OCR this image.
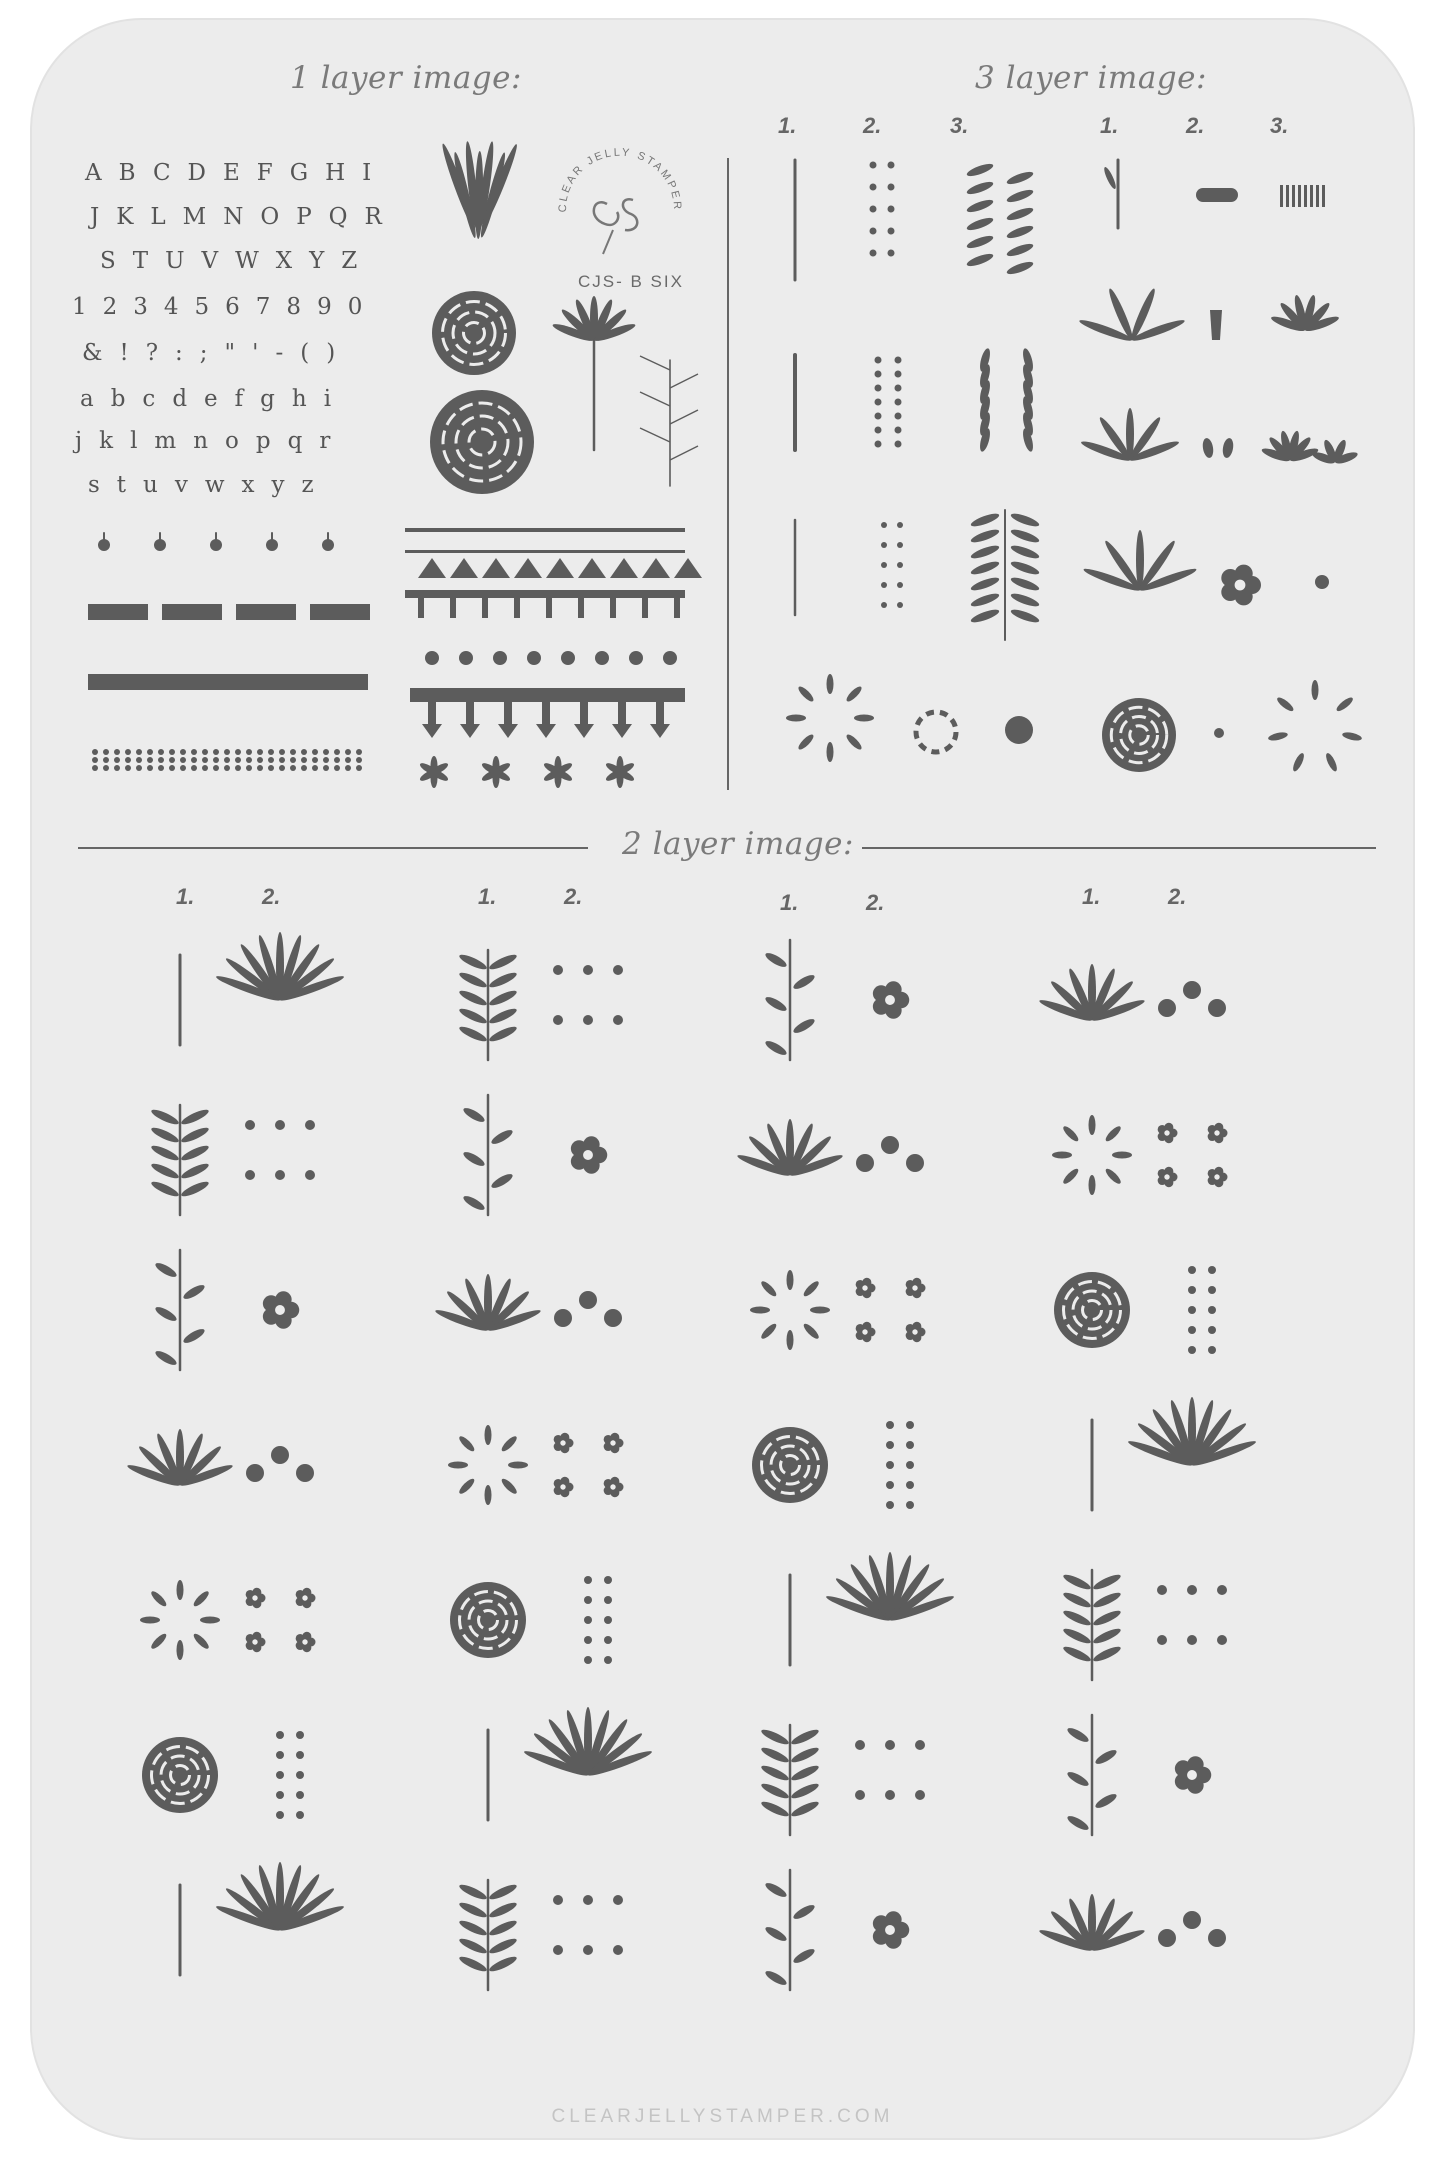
1 layer image:	3 layer image:
2 layer image:
1.	2.	3.	1.	2.	3.
1.	2.	1.	2.	1.	2.	1.	2.
ABCDEFGHI
JKLMNOPQR
STUVWXYZ
1234567890
&!?:;"'-()
abcdefghi
jklmnopqr
stuvwxyz
CLEAR JELLY STAMPER
CJS- B SIX
CLEARJELLYSTAMPER.COM
